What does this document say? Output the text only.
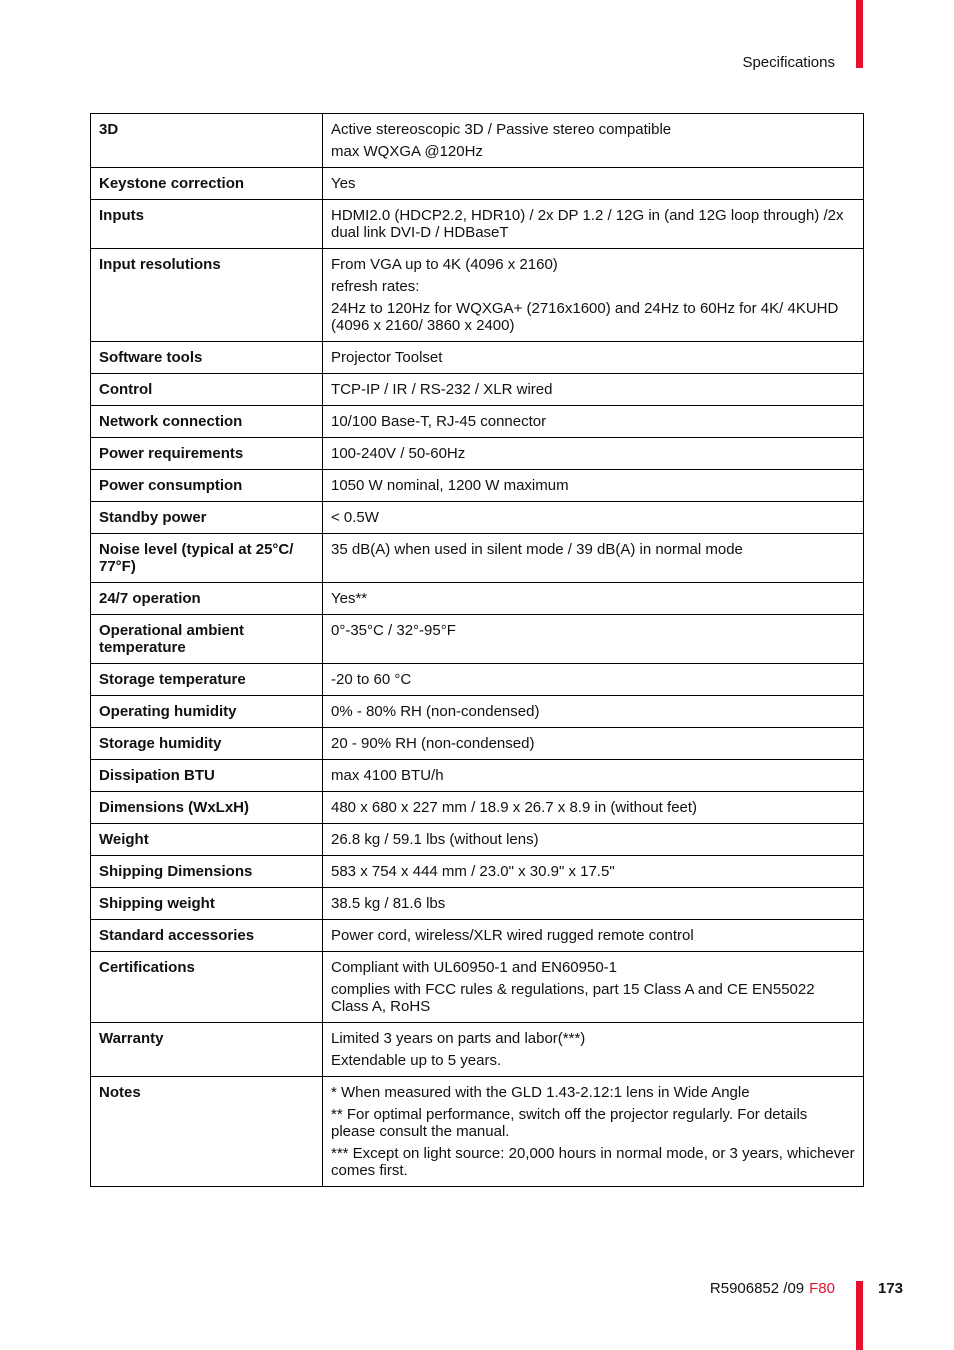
Specifications
3D	Active stereoscopic 3D / Passive stereo compatible

max WQXGA @120Hz

Keystone correction	Yes

Inputs	HDMI2.0 (HDCP2.2, HDR10) / 2x DP 1.2 / 12G in (and 12G loop through) /2x dual link DVI-D / HDBaseT

Input resolutions	From VGA up to 4K (4096 x 2160)

refresh rates:

24Hz to 120Hz for WQXGA+ (2716x1600) and 24Hz to 60Hz for 4K/ 4KUHD (4096 x 2160/ 3860 x 2400)

Software tools	Projector Toolset

Control	TCP-IP / IR / RS-232 / XLR wired

Network connection	10/100 Base-T, RJ-45 connector

Power requirements	100-240V / 50-60Hz

Power consumption	1050 W nominal, 1200 W maximum

Standby power	< 0.5W

Noise level (typical at 25°C/ 77°F)	35 dB(A) when used in silent mode / 39 dB(A) in normal mode

24/7 operation	Yes**

Operational ambient temperature	0°-35°C / 32°-95°F

Storage temperature	-20 to 60 °C

Operating humidity	0% - 80% RH (non-condensed)

Storage humidity	20 - 90% RH (non-condensed)

Dissipation BTU	max 4100 BTU/h

Dimensions (WxLxH)	480 x 680 x 227 mm / 18.9 x 26.7 x 8.9 in (without feet)

Weight	26.8 kg / 59.1 lbs (without lens)

Shipping Dimensions	583 x 754 x 444 mm / 23.0" x 30.9" x 17.5"

Shipping weight	38.5 kg / 81.6 lbs

Standard accessories	Power cord, wireless/XLR wired rugged remote control

Certifications	Compliant with UL60950-1 and EN60950-1

complies with FCC rules & regulations, part 15 Class A and CE EN55022 Class A, RoHS

Warranty	Limited 3 years on parts and labor(***)

Extendable up to 5 years.

Notes	* When measured with the GLD 1.43-2.12:1 lens in Wide Angle

** For optimal performance, switch off the projector regularly. For details please consult the manual.

*** Except on light source: 20,000 hours in normal mode, or 3 years, whichever comes first.

R5906852 /09 F80	173
